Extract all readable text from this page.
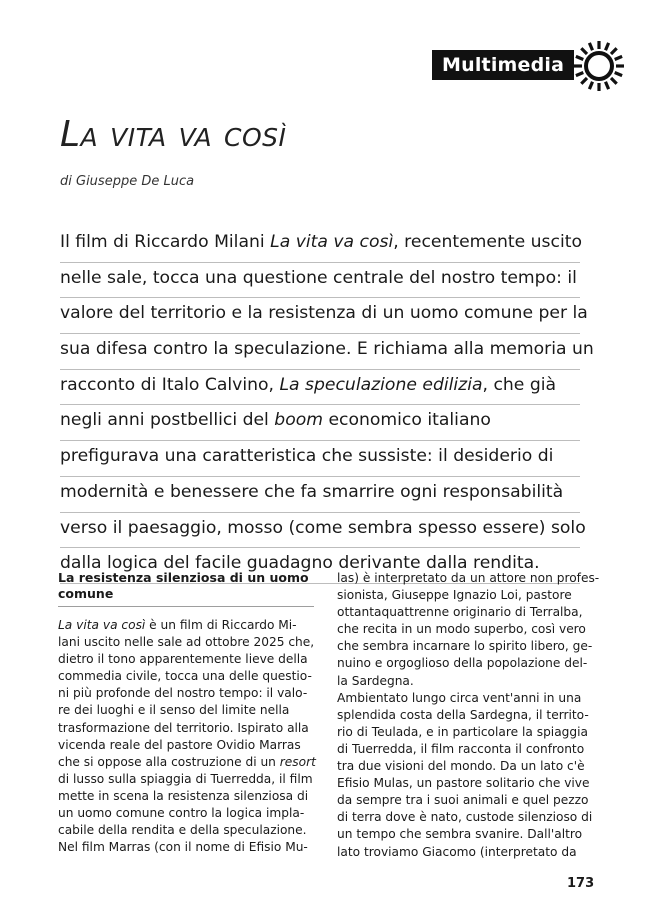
Multimedia
La vita va così
di Giuseppe De Luca
Il film di Riccardo Milani La vita va così, recentemente uscito
nelle sale, tocca una questione centrale del nostro tempo: il
valore del territorio e la resistenza di un uomo comune per la
sua difesa contro la speculazione. E richiama alla memoria un
racconto di Italo Calvino, La speculazione edilizia, che già
negli anni postbellici del boom economico italiano
prefigurava una caratteristica che sussiste: il desiderio di
modernità e benessere che fa smarrire ogni responsabilità
verso il paesaggio, mosso (come sembra spesso essere) solo
dalla logica del facile guadagno derivante dalla rendita.
La resistenza silenziosa di un uomo comune
La vita va così è un film di Riccardo Mi-
lani uscito nelle sale ad ottobre 2025 che,
dietro il tono apparentemente lieve della
commedia civile, tocca una delle questio-
ni più profonde del nostro tempo: il valo-
re dei luoghi e il senso del limite nella
trasformazione del territorio. Ispirato alla
vicenda reale del pastore Ovidio Marras
che si oppose alla costruzione di un resort
di lusso sulla spiaggia di Tuerredda, il film
mette in scena la resistenza silenziosa di
un uomo comune contro la logica impla-
cabile della rendita e della speculazione.
Nel film Marras (con il nome di Efisio Mu-
las) è interpretato da un attore non profes-
sionista, Giuseppe Ignazio Loi, pastore
ottantaquattrenne originario di Terralba,
che recita in un modo superbo, così vero
che sembra incarnare lo spirito libero, ge-
nuino e orgoglioso della popolazione del-
la Sardegna.
Ambientato lungo circa vent'anni in una
splendida costa della Sardegna, il territo-
rio di Teulada, e in particolare la spiaggia
di Tuerredda, il film racconta il confronto
tra due visioni del mondo. Da un lato c'è
Efisio Mulas, un pastore solitario che vive
da sempre tra i suoi animali e quel pezzo
di terra dove è nato, custode silenzioso di
un tempo che sembra svanire. Dall'altro
lato troviamo Giacomo (interpretato da
173
